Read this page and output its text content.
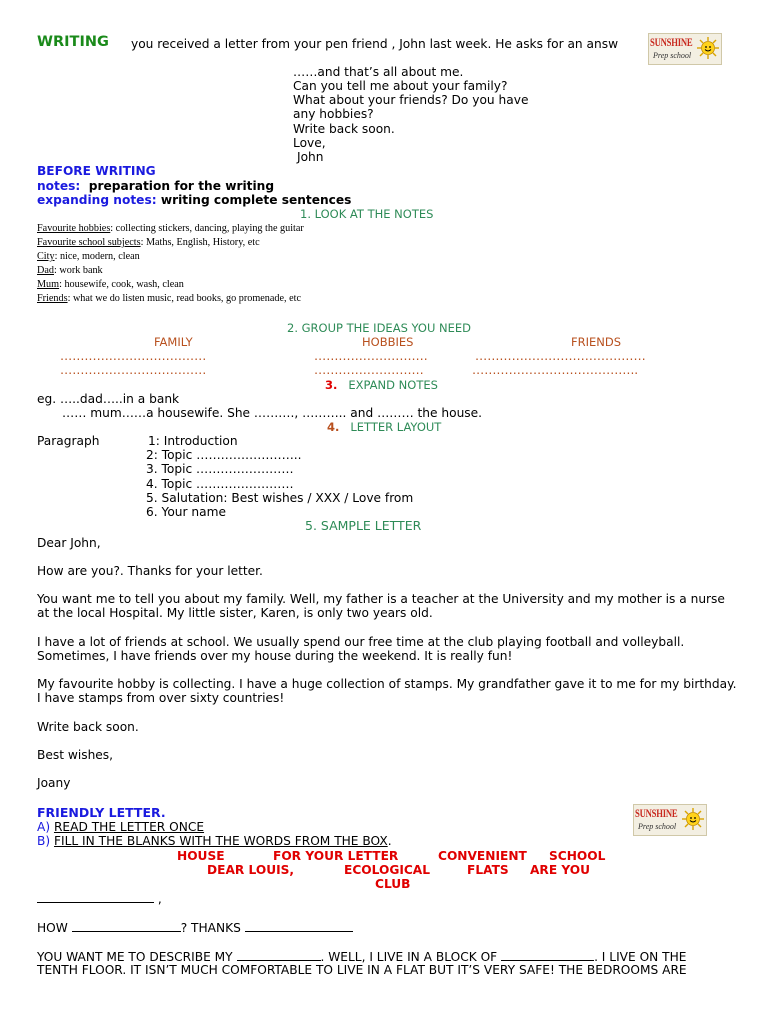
WRITING you received a letter from your pen friend , John last week. He asks for an answ	SUNSHINE
Prep school
……and that’s all about me.
Can you tell me about your family?
What about your friends? Do you have
any hobbies?
Write back soon.
Love,
John
BEFORE WRITING
notes: preparation for the writing
expanding notes: writing complete sentences
1. LOOK AT THE NOTES
Favourite hobbies: collecting stickers, dancing, playing the guitar
Favourite school subjects: Maths, English, History, etc
City: nice, modern, clean
Dad: work bank
Mum: housewife, cook, wash, clean
Friends: what we do listen music, read books, go promenade, etc
2. GROUP THE IDEAS YOU NEED
FAMILY	HOBBIES	FRIENDS
………………………………	……………………….	……………………………………
………………………………	………………………	…………………………………..
3. EXPAND NOTES
eg. …..dad…..in a bank
…… mum……a housewife. She ………., ……….. and ……… the house.
4. LETTER LAYOUT
Paragraph	1: Introduction
2: Topic ……………………..
3. Topic ……………………
4. Topic ……………………
5. Salutation: Best wishes / XXX / Love from
6. Your name
5. SAMPLE LETTER
Dear John,
How are you?. Thanks for your letter.

You want me to tell you about my family. Well, my father is a teacher at the University and my mother is a nurse at the local Hospital. My little sister, Karen, is only two years old.

I have a lot of friends at school. We usually spend our free time at the club playing football and volleyball. Sometimes, I have friends over my house during the weekend. It is really fun!

My favourite hobby is collecting. I have a huge collection of stamps. My grandfather gave it to me for my birthday. I have stamps from over sixty countries!

Write back soon.
Best wishes,
Joany
FRIENDLY LETTER.	SUNSHINE
Prep school
A) READ THE LETTER ONCE
B) FILL IN THE BLANKS WITH THE WORDS FROM THE BOX.
HOUSE	FOR YOUR LETTER	CONVENIENT SCHOOL
DEAR LOUIS,	ECOLOGICAL	FLATS ARE YOU
CLUB
,
HOW	? THANKS
YOU WANT ME TO DESCRIBE MY	. WELL, I LIVE IN A BLOCK OF	. I LIVE ON THE
TENTH FLOOR. IT ISN’T MUCH COMFORTABLE TO LIVE IN A FLAT BUT IT’S VERY SAFE! THE BEDROOMS ARE
